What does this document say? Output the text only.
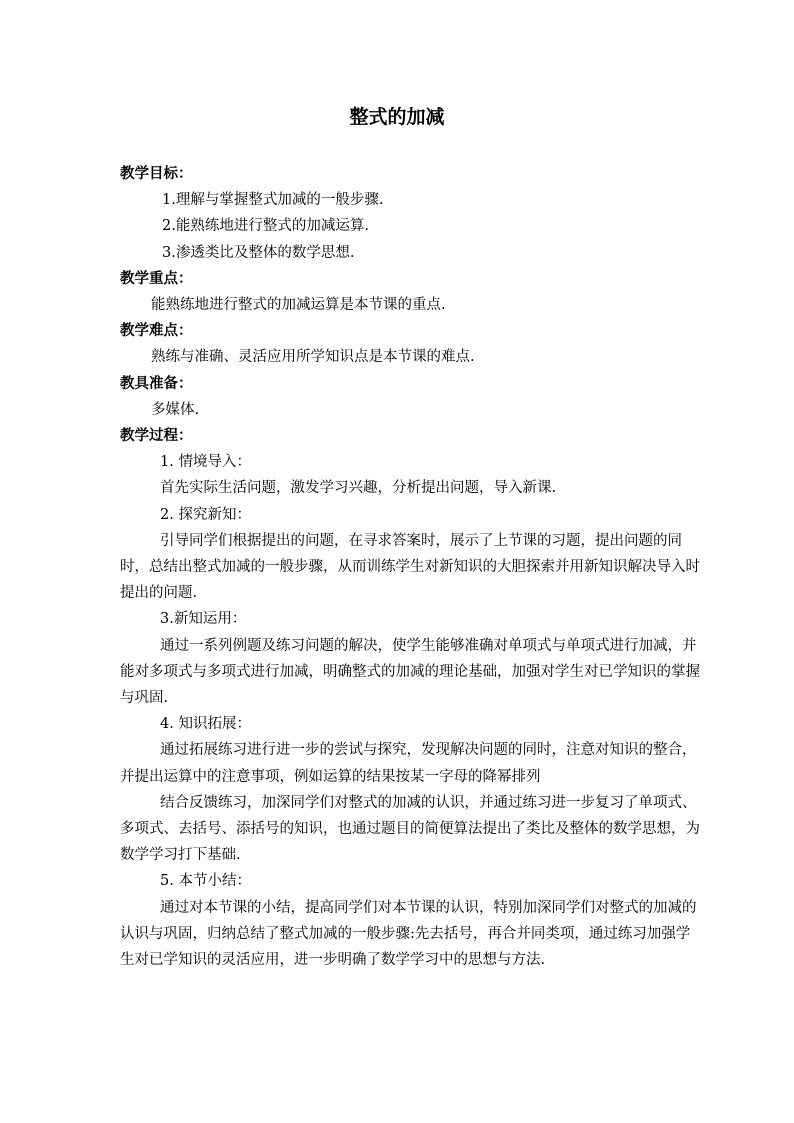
整式的加减

教学目标：

1.理解与掌握整式加减的一般步骤.

2.能熟练地进行整式的加减运算.

3.渗透类比及整体的数学思想.

教学重点：

能熟练地进行整式的加减运算是本节课的重点.

教学难点：

熟练与准确、灵活应用所学知识点是本节课的难点.

教具准备：

多媒体.

教学过程：

1. 情境导入：

首先实际生活问题，激发学习兴趣，分析提出问题，导入新课.

2. 探究新知：

引导同学们根据提出的问题，在寻求答案时，展示了上节课的习题，提出问题的同时，总结出整式加减的一般步骤，从而训练学生对新知识的大胆探索并用新知识解决导入时提出的问题.

3.新知运用：

通过一系列例题及练习问题的解决，使学生能够准确对单项式与单项式进行加减，并能对多项式与多项式进行加减，明确整式的加减的理论基础，加强对学生对已学知识的掌握与巩固.

4. 知识拓展：

通过拓展练习进行进一步的尝试与探究，发现解决问题的同时，注意对知识的整合，并提出运算中的注意事项，例如运算的结果按某一字母的降幂排列

结合反馈练习，加深同学们对整式的加减的认识，并通过练习进一步复习了单项式、多项式、去括号、添括号的知识，也通过题目的简便算法提出了类比及整体的数学思想，为数学学习打下基础.

5. 本节小结：

通过对本节课的小结，提高同学们对本节课的认识，特别加深同学们对整式的加减的认识与巩固，归纳总结了整式加减的一般步骤:先去括号，再合并同类项，通过练习加强学生对已学知识的灵活应用，进一步明确了数学学习中的思想与方法.
